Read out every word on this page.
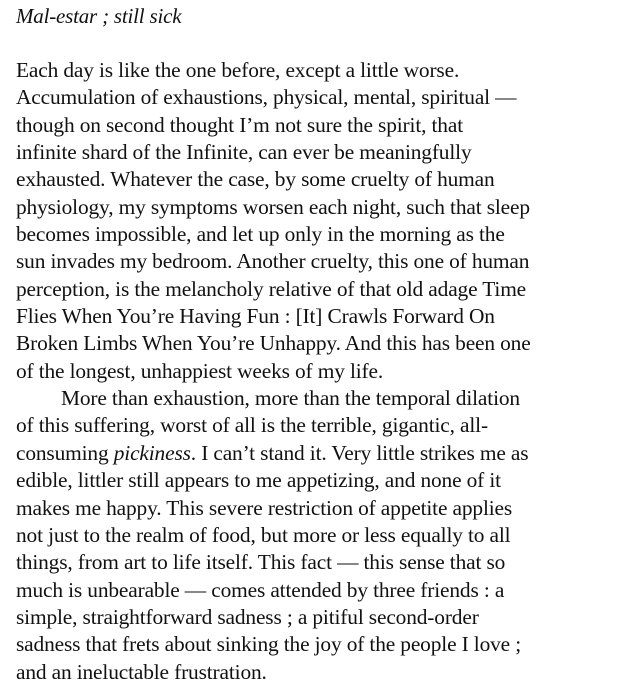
Mal-estar ; still sick
Each day is like the one before, except a little worse.
Accumulation of exhaustions, physical, mental, spiritual —
though on second thought I’m not sure the spirit, that
infinite shard of the Infinite, can ever be meaningfully
exhausted. Whatever the case, by some cruelty of human
physiology, my symptoms worsen each night, such that sleep
becomes impossible, and let up only in the morning as the
sun invades my bedroom. Another cruelty, this one of human
perception, is the melancholy relative of that old adage Time
Flies When You’re Having Fun : [It] Crawls Forward On
Broken Limbs When You’re Unhappy. And this has been one
of the longest, unhappiest weeks of my life.
More than exhaustion, more than the temporal dilation
of this suffering, worst of all is the terrible, gigantic, all-
consuming pickiness. I can’t stand it. Very little strikes me as
edible, littler still appears to me appetizing, and none of it
makes me happy. This severe restriction of appetite applies
not just to the realm of food, but more or less equally to all
things, from art to life itself. This fact — this sense that so
much is unbearable — comes attended by three friends : a
simple, straightforward sadness ; a pitiful second-order
sadness that frets about sinking the joy of the people I love ;
and an ineluctable frustration.
